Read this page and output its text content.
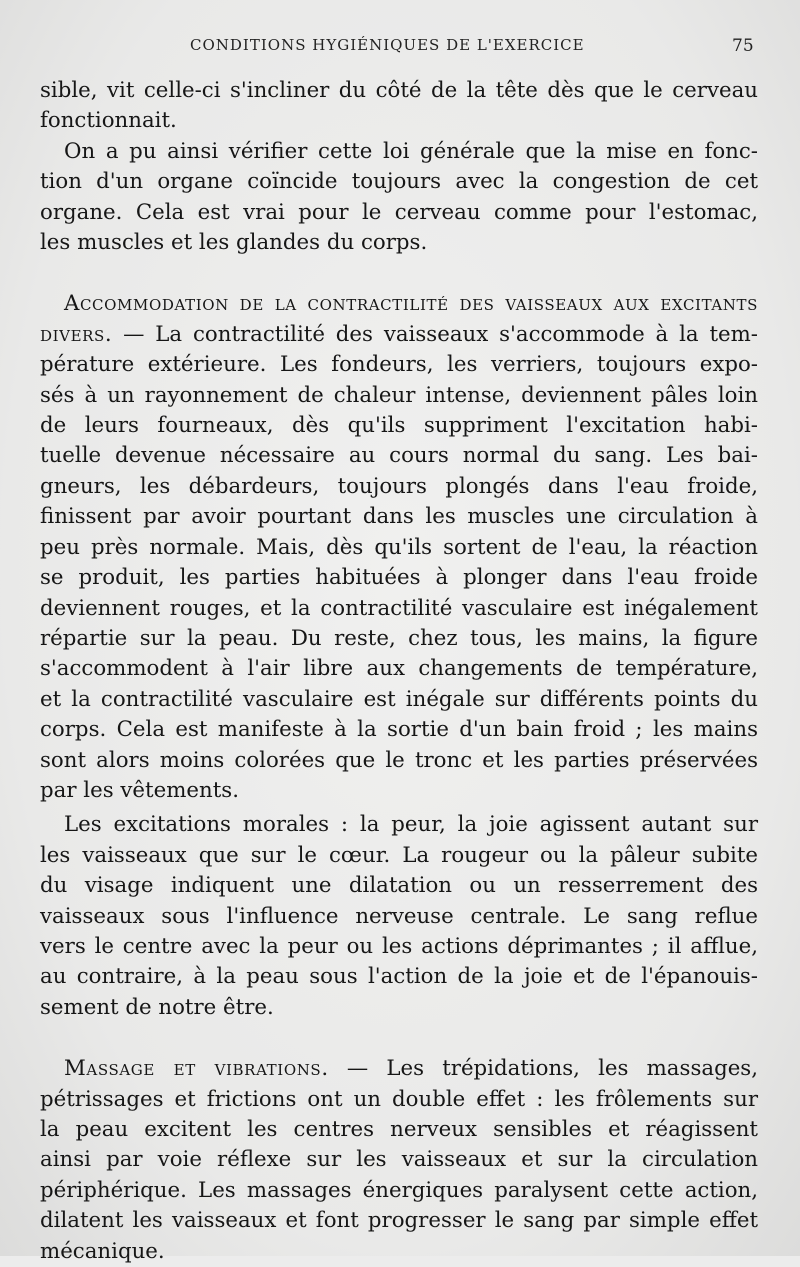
CONDITIONS HYGIÉNIQUES DE L'EXERCICE	75
sible, vit celle-ci s'incliner du côté de la tête dès que le cerveau
fonctionnait.
On a pu ainsi vérifier cette loi générale que la mise en fonc-
tion d'un organe coïncide toujours avec la congestion de cet
organe. Cela est vrai pour le cerveau comme pour l'estomac,
les muscles et les glandes du corps.
Accommodation de la contractilité des vaisseaux aux excitants
divers. — La contractilité des vaisseaux s'accommode à la tem-
pérature extérieure. Les fondeurs, les verriers, toujours expo-
sés à un rayonnement de chaleur intense, deviennent pâles loin
de leurs fourneaux, dès qu'ils suppriment l'excitation habi-
tuelle devenue nécessaire au cours normal du sang. Les bai-
gneurs, les débardeurs, toujours plongés dans l'eau froide,
finissent par avoir pourtant dans les muscles une circulation à
peu près normale. Mais, dès qu'ils sortent de l'eau, la réaction
se produit, les parties habituées à plonger dans l'eau froide
deviennent rouges, et la contractilité vasculaire est inégalement
répartie sur la peau. Du reste, chez tous, les mains, la figure
s'accommodent à l'air libre aux changements de température,
et la contractilité vasculaire est inégale sur différents points du
corps. Cela est manifeste à la sortie d'un bain froid ; les mains
sont alors moins colorées que le tronc et les parties préservées
par les vêtements.
Les excitations morales : la peur, la joie agissent autant sur
les vaisseaux que sur le cœur. La rougeur ou la pâleur subite
du visage indiquent une dilatation ou un resserrement des
vaisseaux sous l'influence nerveuse centrale. Le sang reflue
vers le centre avec la peur ou les actions déprimantes ; il afflue,
au contraire, à la peau sous l'action de la joie et de l'épanouis-
sement de notre être.
Massage et vibrations. — Les trépidations, les massages,
pétrissages et frictions ont un double effet : les frôlements sur
la peau excitent les centres nerveux sensibles et réagissent
ainsi par voie réflexe sur les vaisseaux et sur la circulation
périphérique. Les massages énergiques paralysent cette action,
dilatent les vaisseaux et font progresser le sang par simple effet
mécanique.
